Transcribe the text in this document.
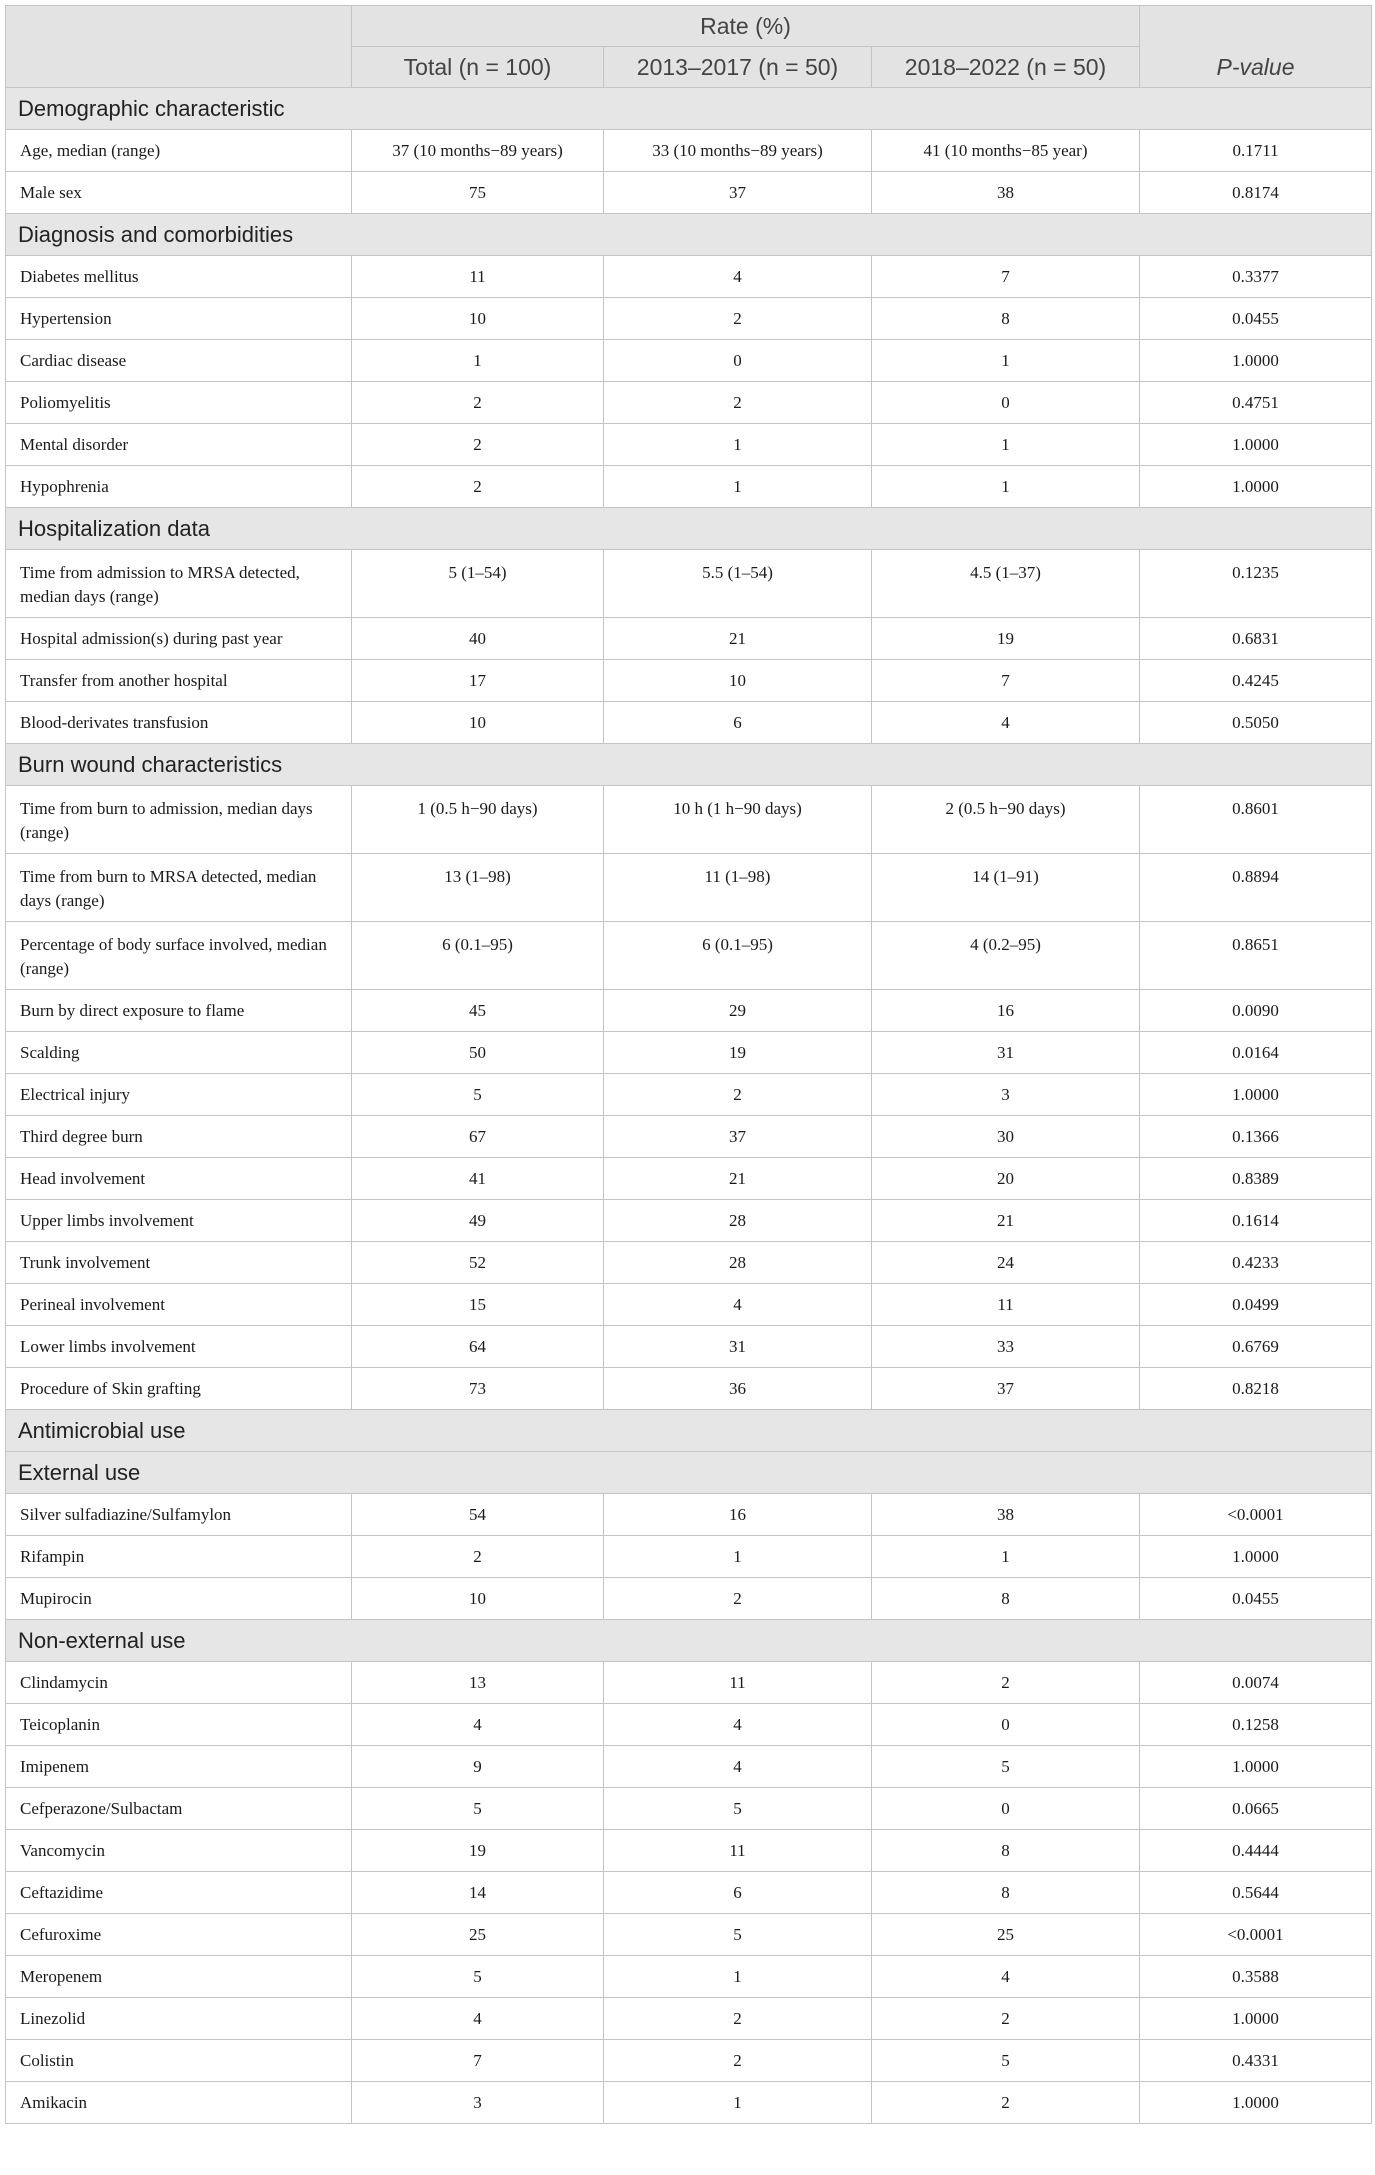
	Rate (%)			P-value
	Total (n = 100)	2013–2017 (n = 50)	2018–2022 (n = 50)	
Demographic characteristic				
Age, median (range)	37 (10 months−89 years)	33 (10 months−89 years)	41 (10 months−85 year)	0.1711
Male sex	75	37	38	0.8174
Diagnosis and comorbidities				
Diabetes mellitus	11	4	7	0.3377
Hypertension	10	2	8	0.0455
Cardiac disease	1	0	1	1.0000
Poliomyelitis	2	2	0	0.4751
Mental disorder	2	1	1	1.0000
Hypophrenia	2	1	1	1.0000
Hospitalization data				
Time from admission to MRSA detected, median days (range)	5 (1–54)	5.5 (1–54)	4.5 (1–37)	0.1235
Hospital admission(s) during past year	40	21	19	0.6831
Transfer from another hospital	17	10	7	0.4245
Blood-derivates transfusion	10	6	4	0.5050
Burn wound characteristics				
Time from burn to admission, median days (range)	1 (0.5 h−90 days)	10 h (1 h−90 days)	2 (0.5 h−90 days)	0.8601
Time from burn to MRSA detected, median days (range)	13 (1–98)	11 (1–98)	14 (1–91)	0.8894
Percentage of body surface involved, median (range)	6 (0.1–95)	6 (0.1–95)	4 (0.2–95)	0.8651
Burn by direct exposure to flame	45	29	16	0.0090
Scalding	50	19	31	0.0164
Electrical injury	5	2	3	1.0000
Third degree burn	67	37	30	0.1366
Head involvement	41	21	20	0.8389
Upper limbs involvement	49	28	21	0.1614
Trunk involvement	52	28	24	0.4233
Perineal involvement	15	4	11	0.0499
Lower limbs involvement	64	31	33	0.6769
Procedure of Skin grafting	73	36	37	0.8218
Antimicrobial use				
External use				
Silver sulfadiazine/Sulfamylon	54	16	38	<0.0001
Rifampin	2	1	1	1.0000
Mupirocin	10	2	8	0.0455
Non-external use				
Clindamycin	13	11	2	0.0074
Teicoplanin	4	4	0	0.1258
Imipenem	9	4	5	1.0000
Cefperazone/Sulbactam	5	5	0	0.0665
Vancomycin	19	11	8	0.4444
Ceftazidime	14	6	8	0.5644
Cefuroxime	25	5	25	<0.0001
Meropenem	5	1	4	0.3588
Linezolid	4	2	2	1.0000
Colistin	7	2	5	0.4331
Amikacin	3	1	2	1.0000
